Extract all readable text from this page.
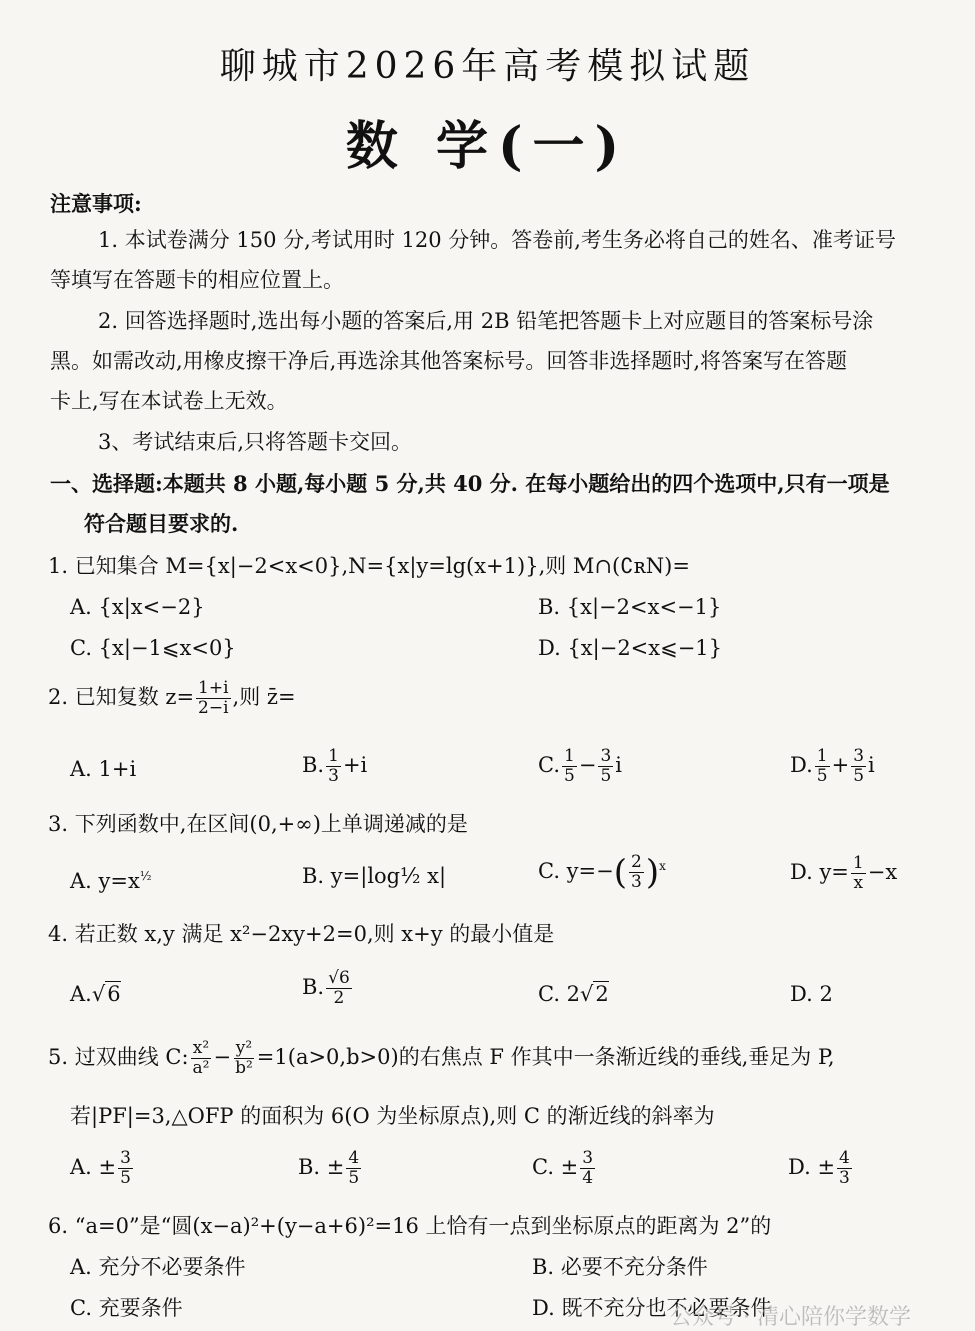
聊城市2026年高考模拟试题
数 学(一)
注意事项:
1. 本试卷满分 150 分,考试用时 120 分钟。答卷前,考生务必将自己的姓名、准考证号
等填写在答题卡的相应位置上。
2. 回答选择题时,选出每小题的答案后,用 2B 铅笔把答题卡上对应题目的答案标号涂
黑。如需改动,用橡皮擦干净后,再选涂其他答案标号。回答非选择题时,将答案写在答题
卡上,写在本试卷上无效。
3、考试结束后,只将答题卡交回。
一、选择题:本题共 8 小题,每小题 5 分,共 40 分. 在每小题给出的四个选项中,只有一项是
符合题目要求的.
1. 已知集合 M={x|−2<x<0},N={x|y=lg(x+1)},则 M∩(∁ʀN)=
A. {x|x<−2}	B. {x|−2<x<−1}
C. {x|−1⩽x<0}	D. {x|−2<x⩽−1}
2. 已知复数 $z= \frac{1+i}{2-i}$ ,则 z̄=
A. 1+i	B. $\frac{1}{3} +i$	C. $\frac{1}{5} - \frac{3}{5}$ i	D. $\frac{1}{5} + \frac{3}{5}$ i
3. 下列函数中,在区间(0,+∞)上单调递减的是
A. $y=x^{\frac{1}{2}}$	B. y=|log½ x|	C. $y=-( \frac{2}{3} )^x$	D. $y= \frac{1}{x} -x$
4. 若正数 x,y 满足 x²−2xy+2=0,则 x+y 的最小值是
A.√6	B. $\frac{√6}{2}$	C. 2√2	D. 2
5. 过双曲线 C: $\frac{\text{x²}}{\text{a²}} - \frac{\text{y²}}{\text{b²}} =1(a>0,b>0)$的右焦点 F 作其中一条渐近线的垂线,垂足为 P,
若|PF|=3,△OFP 的面积为 6(O 为坐标原点),则 C 的渐近线的斜率为
A. ± $\frac{3}{5}$	B. ± $\frac{4}{5}$	C. ± $\frac{3}{4}$	D. ± $\frac{4}{3}$
6. “a=0”是“圆(x−a)²+(y−a+6)²=16 上恰有一点到坐标原点的距离为 2”的
A. 充分不必要条件	B. 必要不充分条件
C. 充要条件	D. 既不充分也不必要条件
公众号 · 清心陪你学数学
